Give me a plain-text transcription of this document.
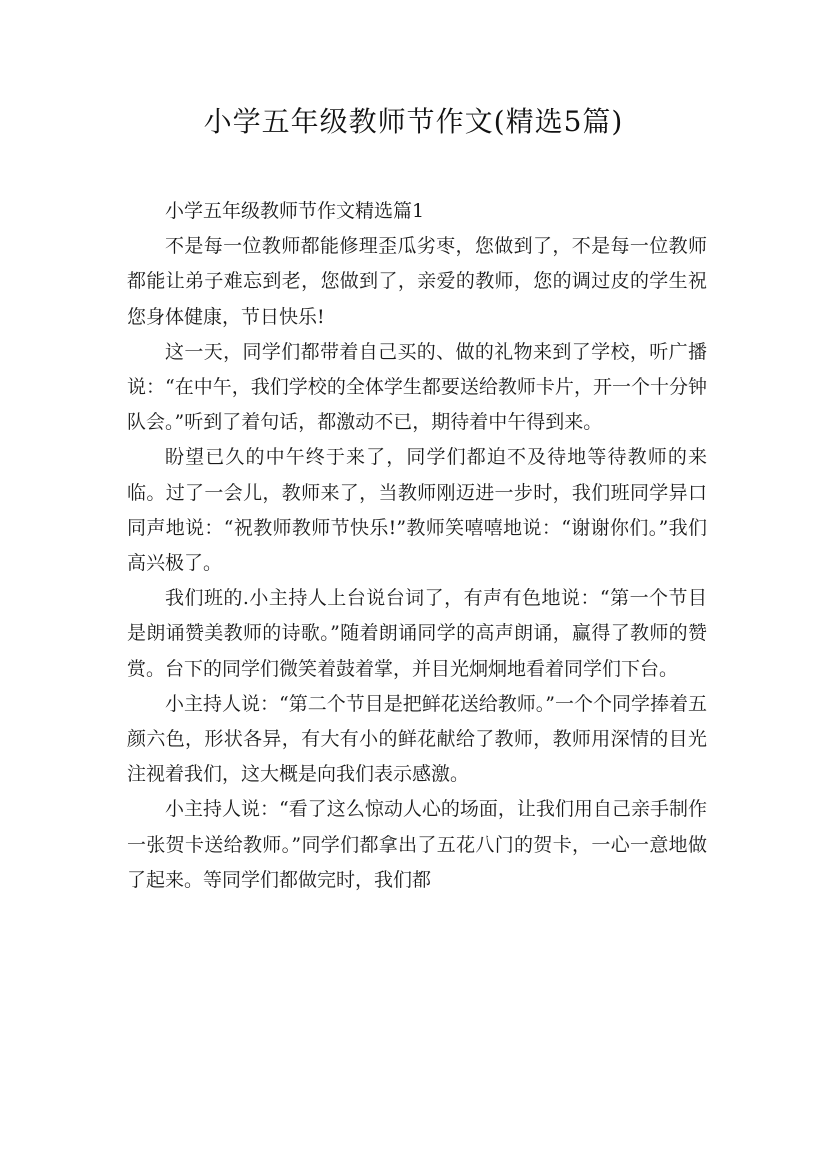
小学五年级教师节作文(精选5篇)

小学五年级教师节作文精选篇1

不是每一位教师都能修理歪瓜劣枣，您做到了，不是每一位教师都能让弟子难忘到老，您做到了，亲爱的教师，您的调过皮的学生祝您身体健康，节日快乐!

这一天，同学们都带着自己买的、做的礼物来到了学校，听广播说：“在中午，我们学校的全体学生都要送给教师卡片，开一个十分钟队会。”听到了着句话，都激动不已，期待着中午得到来。

盼望已久的中午终于来了，同学们都迫不及待地等待教师的来临。过了一会儿，教师来了，当教师刚迈进一步时，我们班同学异口同声地说：“祝教师教师节快乐!”教师笑嘻嘻地说：“谢谢你们。”我们高兴极了。

我们班的.小主持人上台说台词了，有声有色地说：“第一个节目是朗诵赞美教师的诗歌。”随着朗诵同学的高声朗诵，赢得了教师的赞赏。台下的同学们微笑着鼓着掌，并目光炯炯地看着同学们下台。

小主持人说：“第二个节目是把鲜花送给教师。”一个个同学捧着五颜六色，形状各异，有大有小的鲜花献给了教师，教师用深情的目光注视着我们，这大概是向我们表示感激。

小主持人说：“看了这么惊动人心的场面，让我们用自己亲手制作一张贺卡送给教师。”同学们都拿出了五花八门的贺卡，一心一意地做了起来。等同学们都做完时，我们都
